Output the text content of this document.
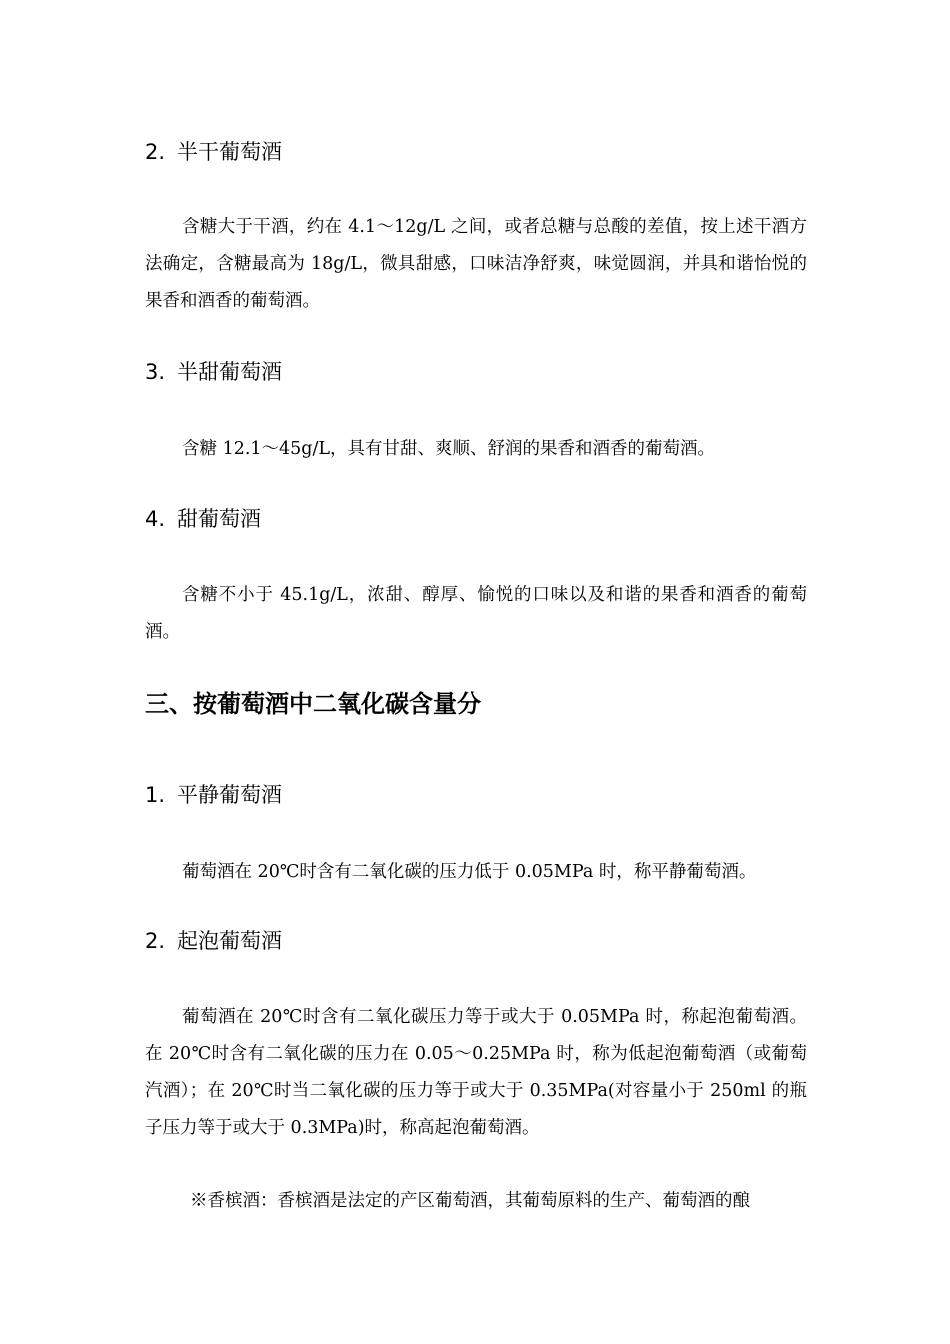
2. 半干葡萄酒
含糖大于干酒，约在 4.1～12g/L 之间，或者总糖与总酸的差值，按上述干酒方法确定，含糖最高为 18g/L，微具甜感，口味洁净舒爽，味觉圆润，并具和谐怡悦的果香和酒香的葡萄酒。
3. 半甜葡萄酒
含糖 12.1～45g/L，具有甘甜、爽顺、舒润的果香和酒香的葡萄酒。
4. 甜葡萄酒
含糖不小于 45.1g/L，浓甜、醇厚、愉悦的口味以及和谐的果香和酒香的葡萄酒。
三、按葡萄酒中二氧化碳含量分
1. 平静葡萄酒
葡萄酒在 20℃时含有二氧化碳的压力低于 0.05MPa 时，称平静葡萄酒。
2. 起泡葡萄酒
葡萄酒在 20℃时含有二氧化碳压力等于或大于 0.05MPa 时，称起泡葡萄酒。在 20℃时含有二氧化碳的压力在 0.05～0.25MPa 时，称为低起泡葡萄酒（或葡萄汽酒）；在 20℃时当二氧化碳的压力等于或大于 0.35MPa(对容量小于 250ml 的瓶子压力等于或大于 0.3MPa)时，称高起泡葡萄酒。
※香槟酒：香槟酒是法定的产区葡萄酒，其葡萄原料的生产、葡萄酒的酿
